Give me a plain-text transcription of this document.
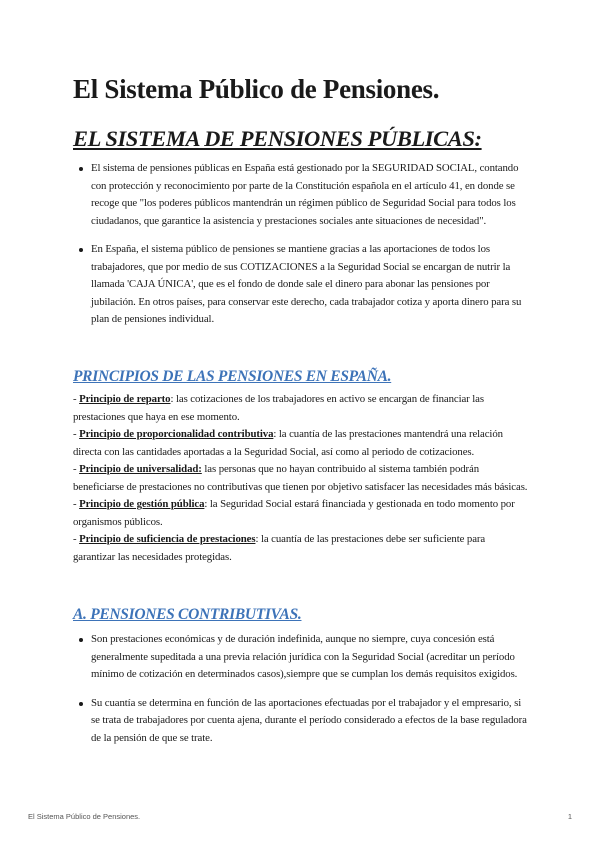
El Sistema Público de Pensiones.
EL SISTEMA DE PENSIONES PÚBLICAS:
El sistema de pensiones públicas en España está gestionado por la SEGURIDAD SOCIAL, contando con protección y reconocimiento por parte de la Constitución española en el artículo 41, en donde se recoge que "los poderes públicos mantendrán un régimen público de Seguridad Social para todos los ciudadanos, que garantice la asistencia y prestaciones sociales ante situaciones de necesidad".
En España, el sistema público de pensiones se mantiene gracias a las aportaciones de todos los trabajadores, que por medio de sus COTIZACIONES a la Seguridad Social se encargan de nutrir la llamada 'CAJA ÚNICA', que es el fondo de donde sale el dinero para abonar las pensiones por jubilación. En otros países, para conservar este derecho, cada trabajador cotiza y aporta dinero para su plan de pensiones individual.
PRINCIPIOS DE LAS PENSIONES EN ESPAÑA.

- Principio de reparto: las cotizaciones de los trabajadores en activo se encargan de financiar las prestaciones que haya en ese momento.

- Principio de proporcionalidad contributiva: la cuantía de las prestaciones mantendrá una relación directa con las cantidades aportadas a la Seguridad Social, así como al periodo de cotizaciones.

- Principio de universalidad: las personas que no hayan contribuido al sistema también podrán beneficiarse de prestaciones no contributivas que tienen por objetivo satisfacer las necesidades más básicas.

- Principio de gestión pública: la Seguridad Social estará financiada y gestionada en todo momento por organismos públicos.

- Principio de suficiencia de prestaciones: la cuantía de las prestaciones debe ser suficiente para garantizar las necesidades protegidas.

A. PENSIONES CONTRIBUTIVAS.
Son prestaciones económicas y de duración indefinida, aunque no siempre, cuya concesión está generalmente supeditada a una previa relación jurídica con la Seguridad Social (acreditar un período mínimo de cotización en determinados casos),siempre que se cumplan los demás requisitos exigidos.
Su cuantía se determina en función de las aportaciones efectuadas por el trabajador y el empresario, si se trata de trabajadores por cuenta ajena, durante el período considerado a efectos de la base reguladora de la pensión de que se trate.
El Sistema Público de Pensiones.	1
